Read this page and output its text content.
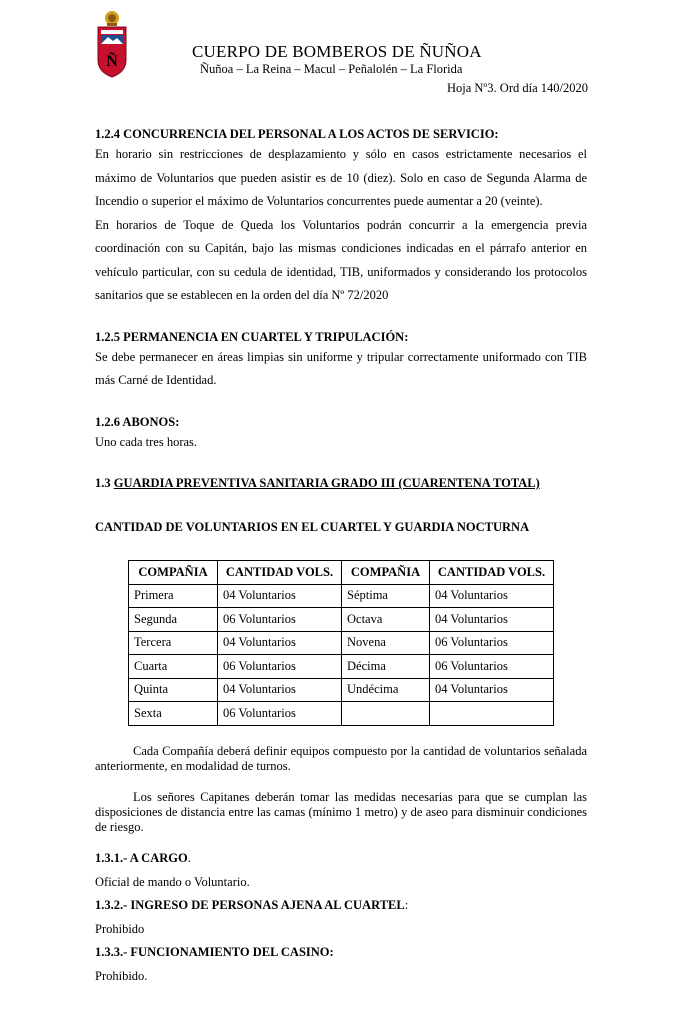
Ñ
CUERPO DE BOMBEROS DE ÑUÑOA
Ñuñoa – La Reina – Macul – Peñalolén – La Florida
Hoja Nº3. Ord día 140/2020

1.2.4 CONCURRENCIA DEL PERSONAL A LOS ACTOS DE SERVICIO:

En horario sin restricciones de desplazamiento y sólo en casos estrictamente necesarios el máximo de Voluntarios que pueden asistir es de 10 (diez). Solo en caso de Segunda Alarma de Incendio o superior el máximo de Voluntarios concurrentes puede aumentar a 20 (veinte).

En horarios de Toque de Queda los Voluntarios podrán concurrir a la emergencia previa coordinación con su Capitán, bajo las mismas condiciones indicadas en el párrafo anterior en vehículo particular, con su cedula de identidad, TIB, uniformados y considerando los protocolos sanitarios que se establecen en la orden del día Nº 72/2020

1.2.5 PERMANENCIA EN CUARTEL Y TRIPULACIÓN:

Se debe permanecer en áreas limpias sin uniforme y tripular correctamente uniformado con TIB más Carné de Identidad.

1.2.6 ABONOS:

Uno cada tres horas.

1.3 GUARDIA PREVENTIVA SANITARIA GRADO III (CUARENTENA TOTAL)

CANTIDAD DE VOLUNTARIOS EN EL CUARTEL Y GUARDIA NOCTURNA

COMPAÑIA	CANTIDAD VOLS.	COMPAÑIA	CANTIDAD VOLS.
Primera	04 Voluntarios	Séptima	04 Voluntarios
Segunda	06 Voluntarios	Octava	04 Voluntarios
Tercera	04 Voluntarios	Novena	06 Voluntarios
Cuarta	06 Voluntarios	Décima	06 Voluntarios
Quinta	04 Voluntarios	Undécima	04 Voluntarios
Sexta	06 Voluntarios		

Cada Compañía deberá definir equipos compuesto por la cantidad de voluntarios señalada anteriormente, en modalidad de turnos.

Los señores Capitanes deberán tomar las medidas necesarias para que se cumplan las disposiciones de distancia entre las camas (mínimo 1 metro) y de aseo para disminuir condiciones de riesgo.

1.3.1.- A CARGO.

Oficial de mando o Voluntario.

1.3.2.- INGRESO DE PERSONAS AJENA AL CUARTEL:

Prohibido

1.3.3.- FUNCIONAMIENTO DEL CASINO:

Prohibido.
